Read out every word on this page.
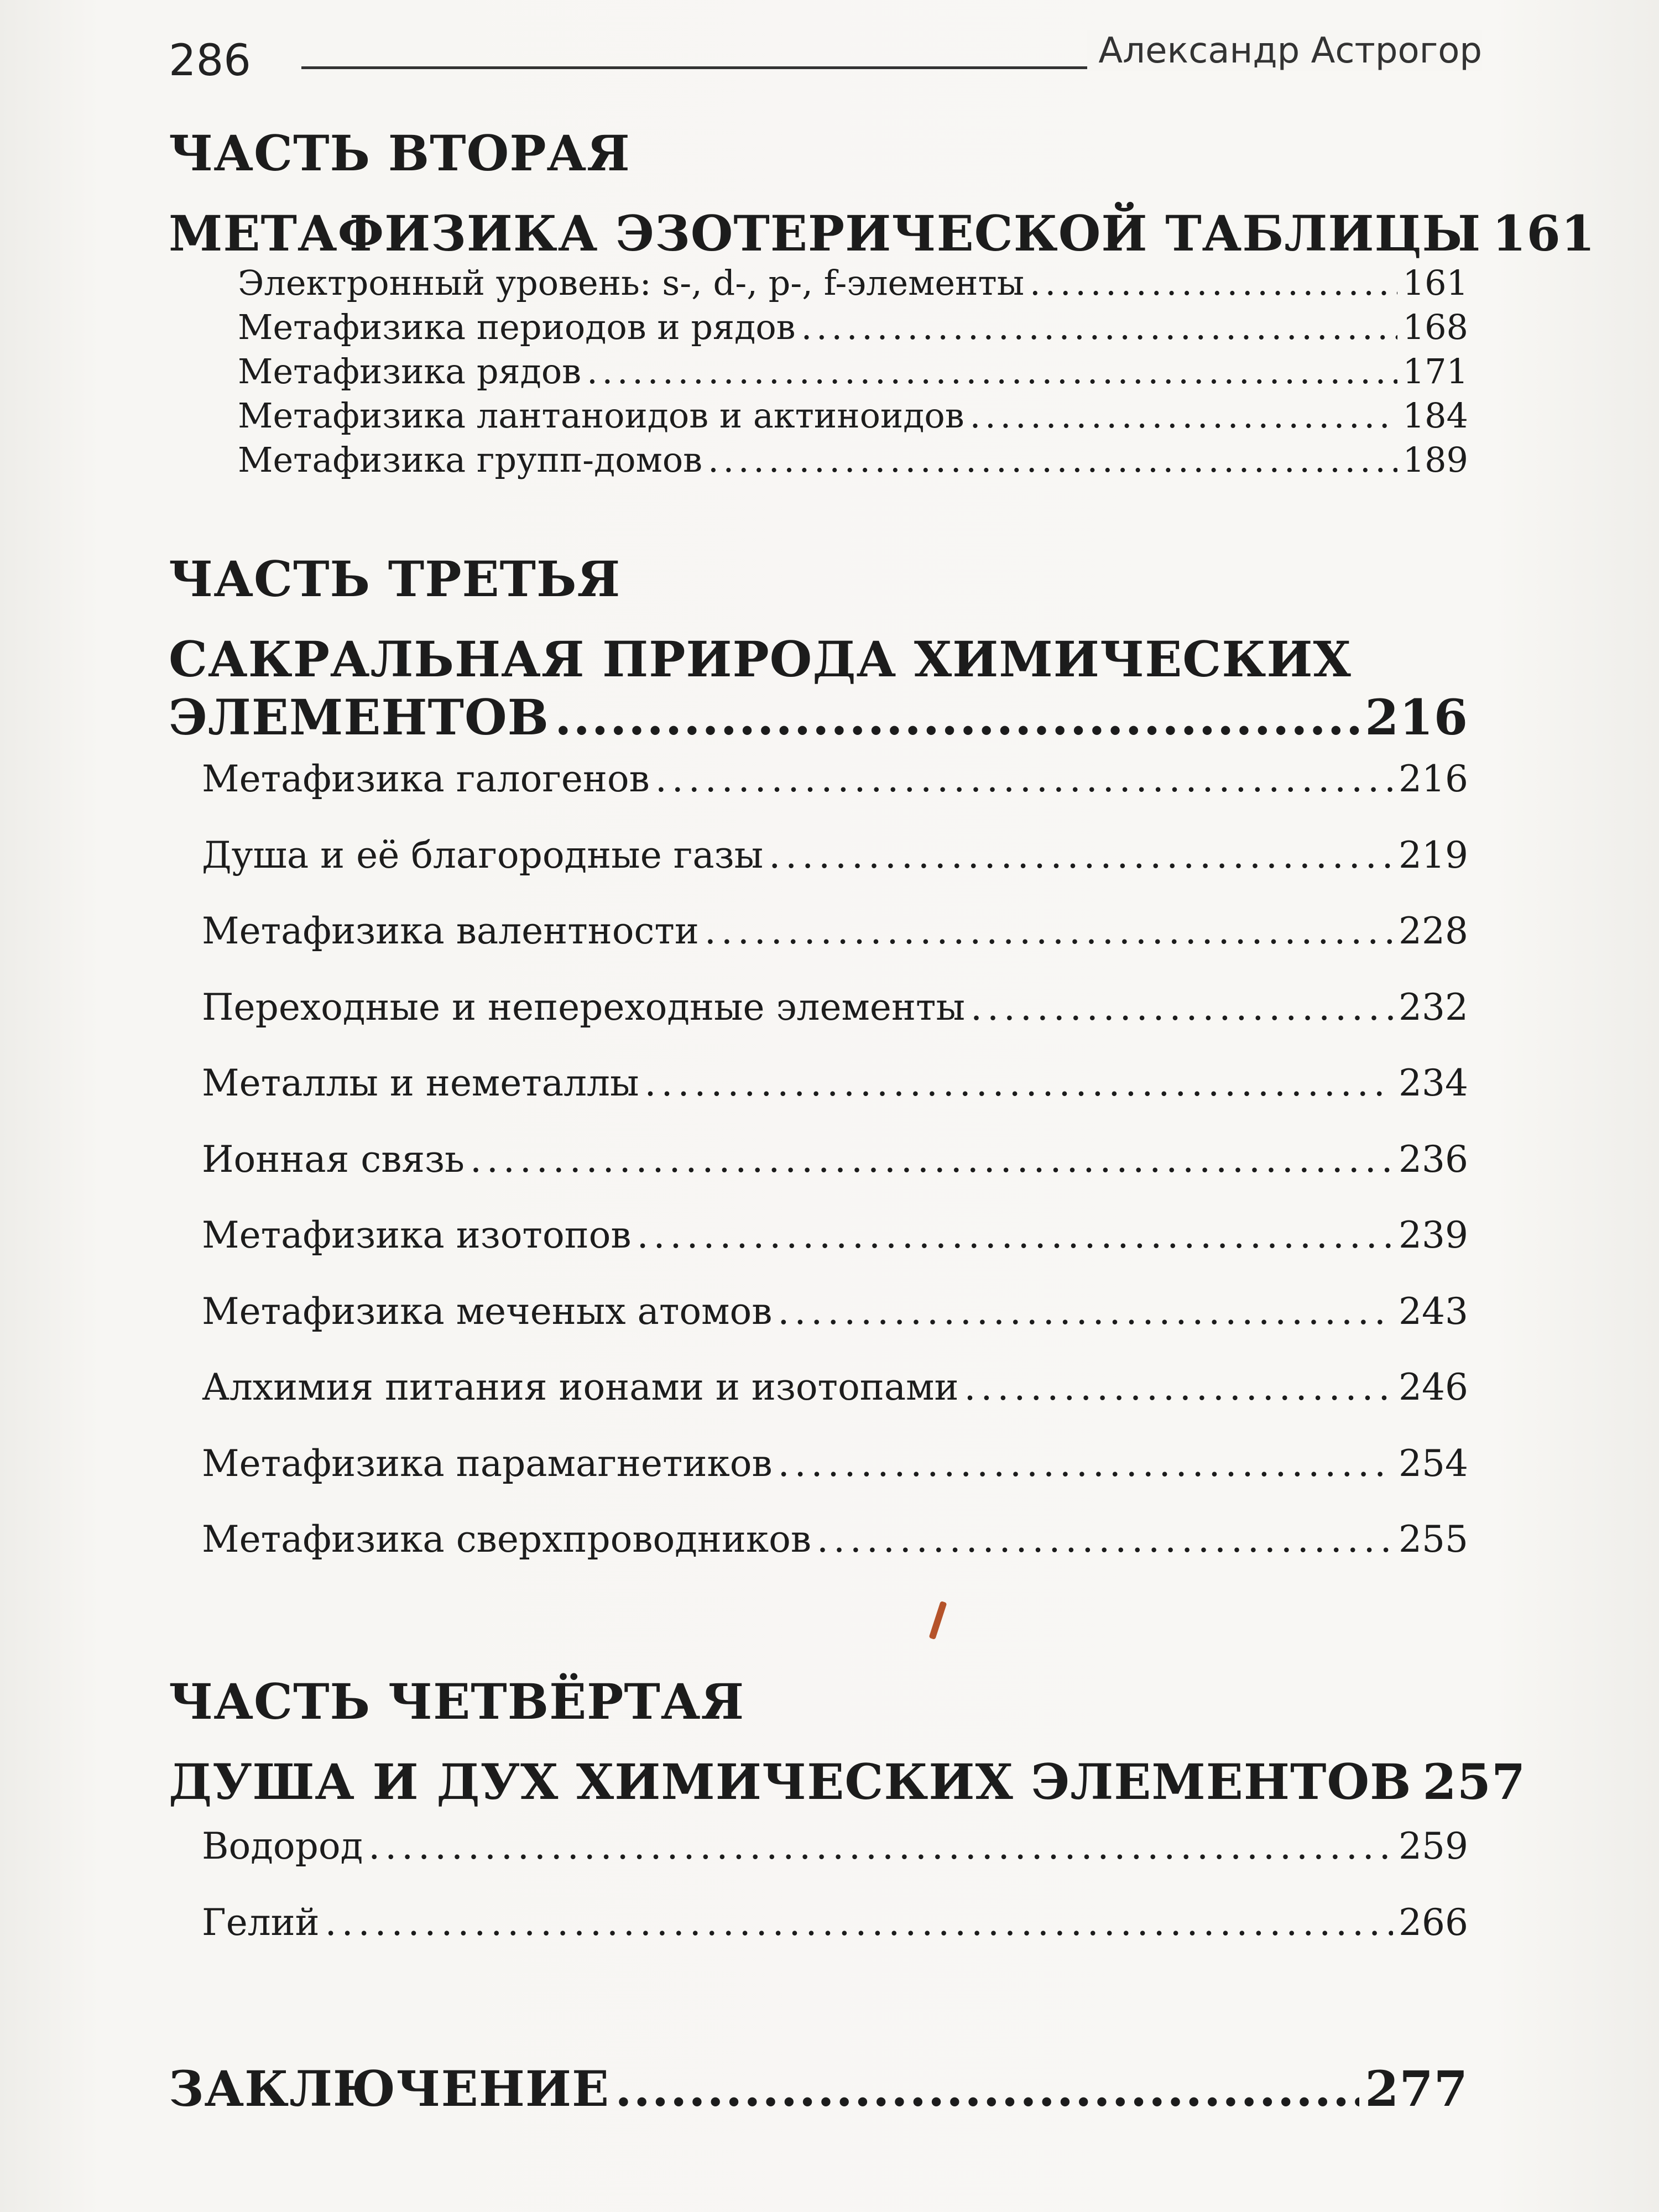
286	Александр Астрогор
ЧАСТЬ ВТОРАЯ
МЕТАФИЗИКА ЭЗОТЕРИЧЕСКОЙ ТАБЛИЦЫ 161
Электронный уровень: s-, d-, p-, f-элементы . . .	161
Метафизика периодов и рядов . . .	168
Метафизика рядов . . .	171
Метафизика лантаноидов и актиноидов . . .	184
Метафизика групп-домов . . .	189
ЧАСТЬ ТРЕТЬЯ
САКРАЛЬНАЯ ПРИРОДА ХИМИЧЕСКИХ
ЭЛЕМЕНТОВ . . .	216
Метафизика галогенов . . .	216
Душа и её благородные газы . . .	219
Метафизика валентности . . .	228
Переходные и непереходные элементы . . .	232
Металлы и неметаллы . . .	234
Ионная связь . . .	236
Метафизика изотопов . . .	239
Метафизика меченых атомов . . .	243
Алхимия питания ионами и изотопами . . .	246
Метафизика парамагнетиков . . .	254
Метафизика сверхпроводников . . .	255
ЧАСТЬ ЧЕТВЁРТАЯ
ДУША И ДУХ ХИМИЧЕСКИХ ЭЛЕМЕНТОВ 257
Водород . . .	259
Гелий . . .	266
ЗАКЛЮЧЕНИЕ . . .	277
